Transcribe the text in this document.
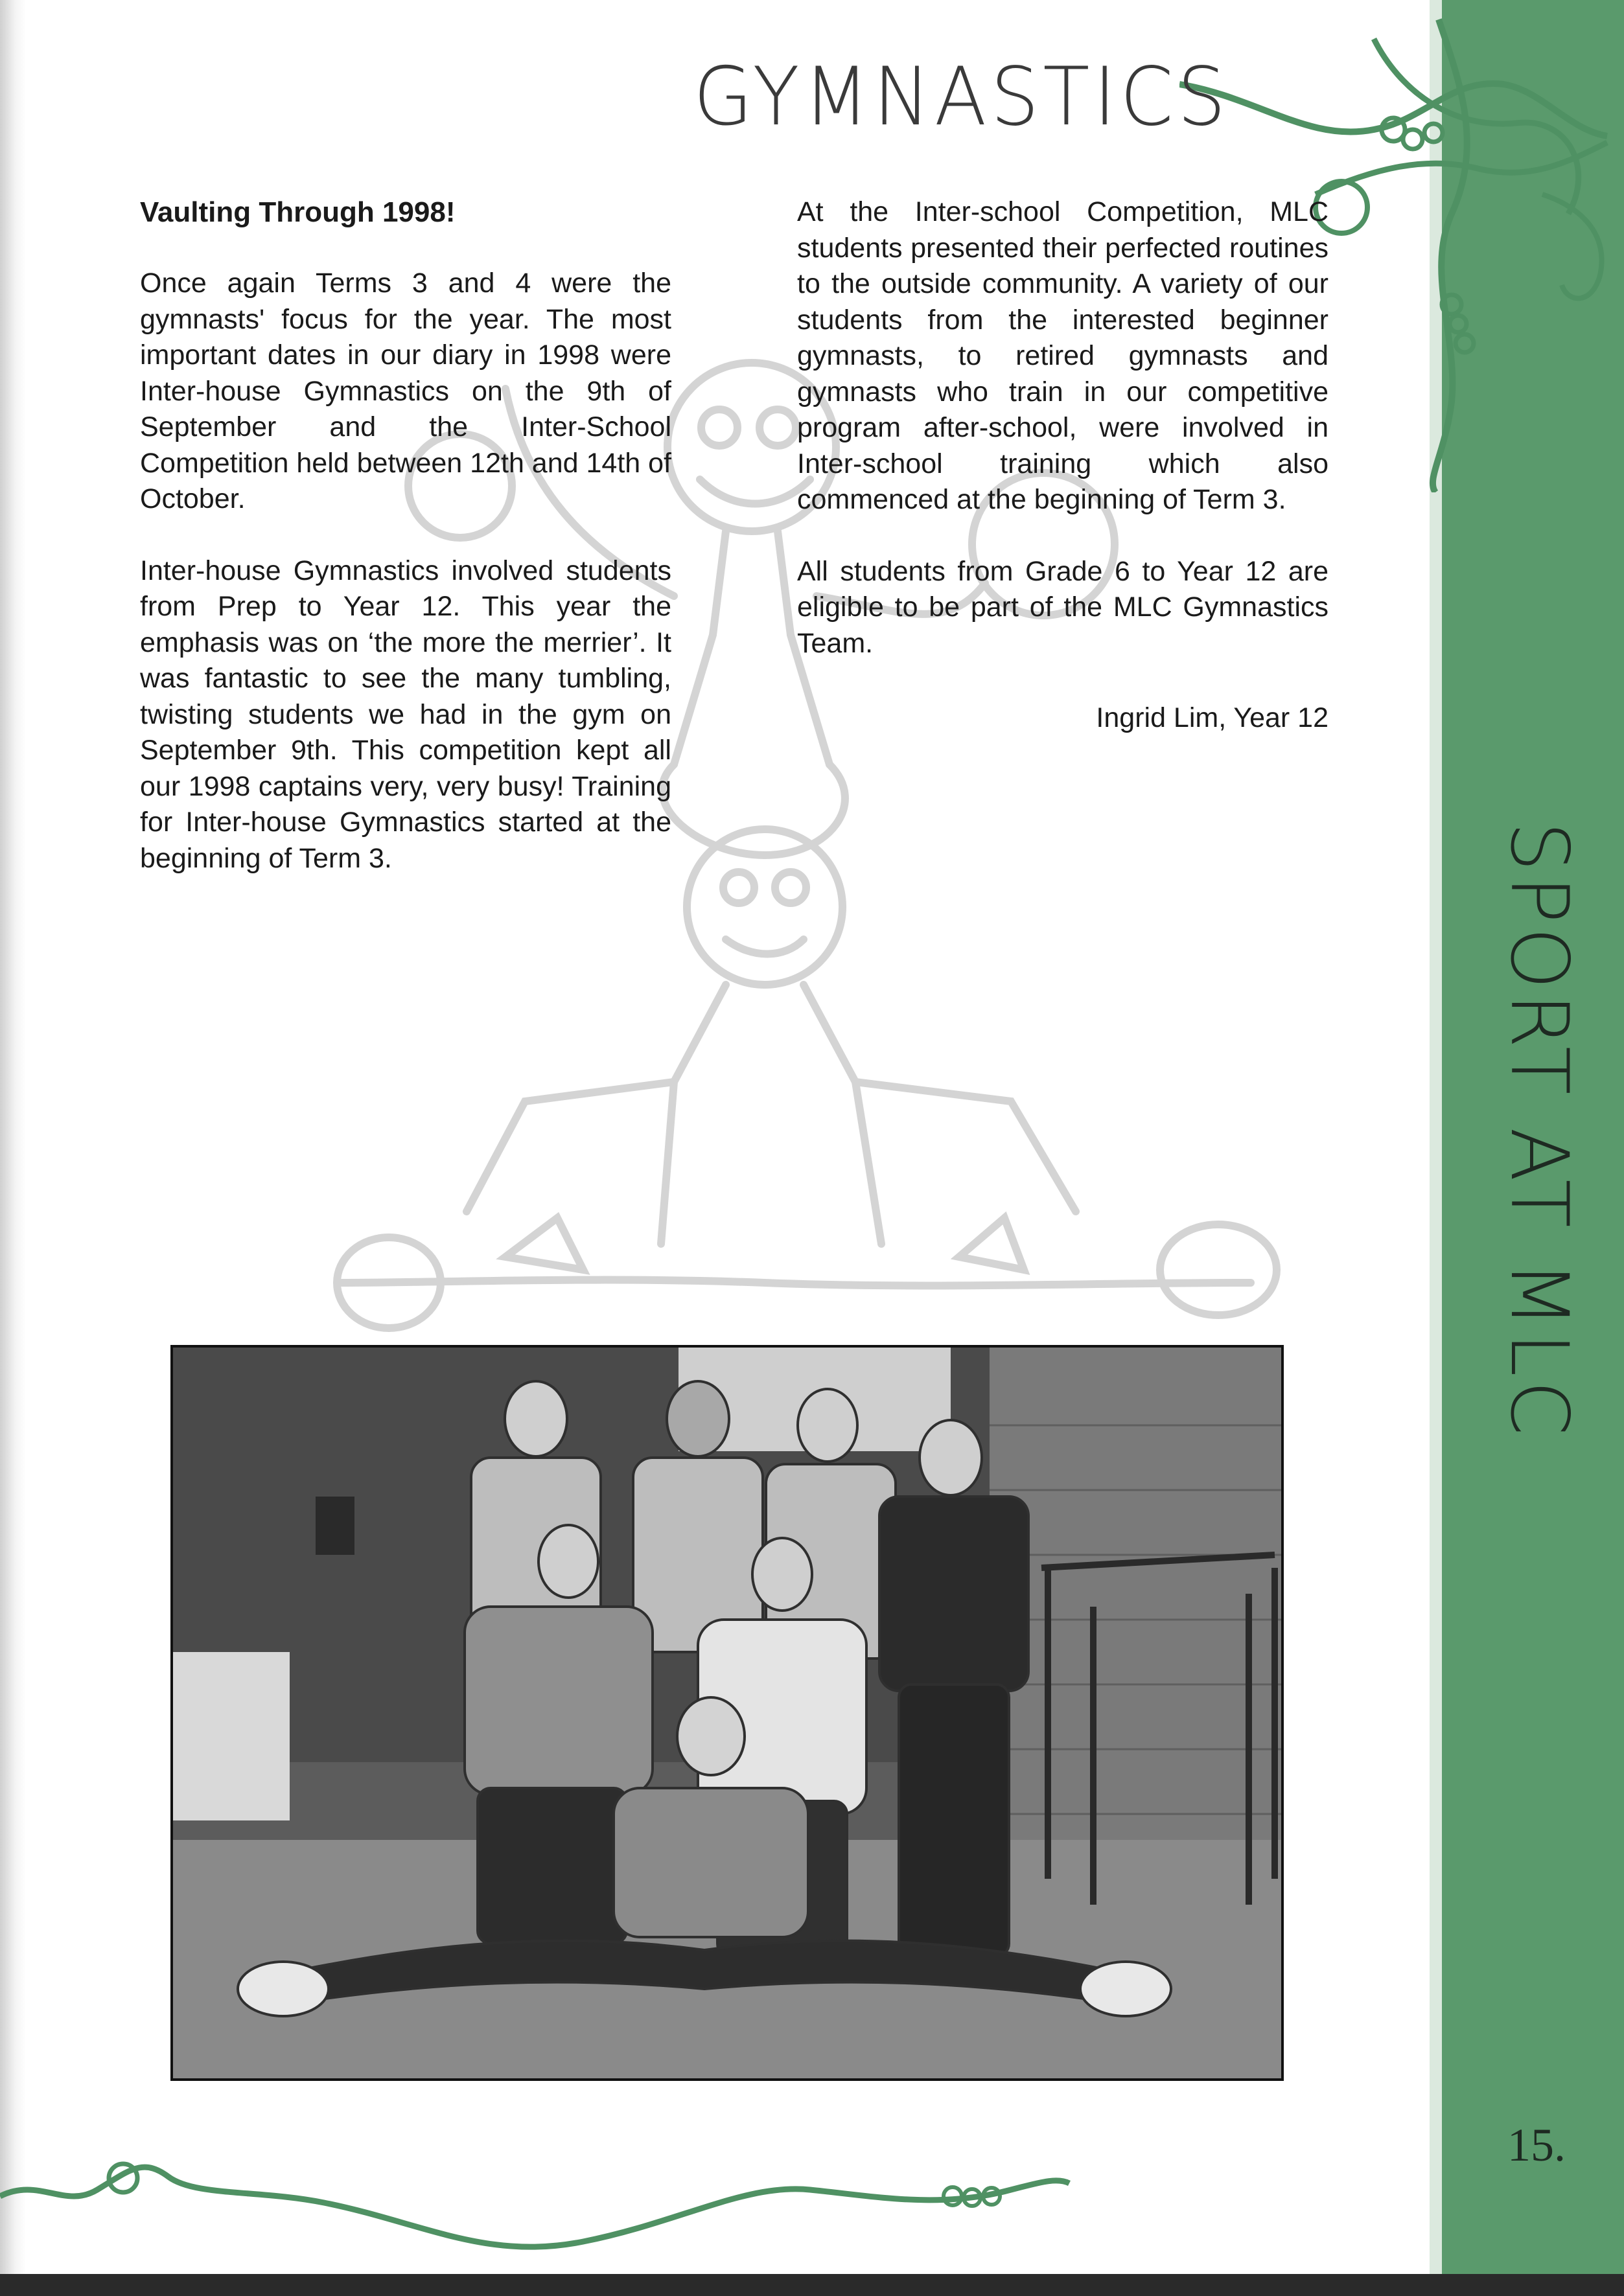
GYMNASTICS
Vaulting Through 1998!

Once again Terms 3 and 4 were the gymnasts' focus for the year. The most important dates in our diary in 1998 were Inter-house Gymnastics on the 9th of September and the Inter-School Competition held between 12th and 14th of October.

Inter-house Gymnastics involved students from Prep to Year 12. This year the emphasis was on ‘the more the merrier’. It was fantastic to see the many tumbling, twisting students we had in the gym on September 9th. This competition kept all our 1998 captains very, very busy! Training for Inter-house Gymnastics started at the beginning of Term 3.

At the Inter-school Competition, MLC students presented their perfected routines to the outside community. A variety of our students from the interested beginner gymnasts, to retired gymnasts and gymnasts who train in our competitive program after-school, were involved in Inter-school training which also commenced at the beginning of Term 3.

All students from Grade 6 to Year 12 are eligible to be part of the MLC Gymnastics Team.

Ingrid Lim, Year 12
SPORT AT MLC
15.
